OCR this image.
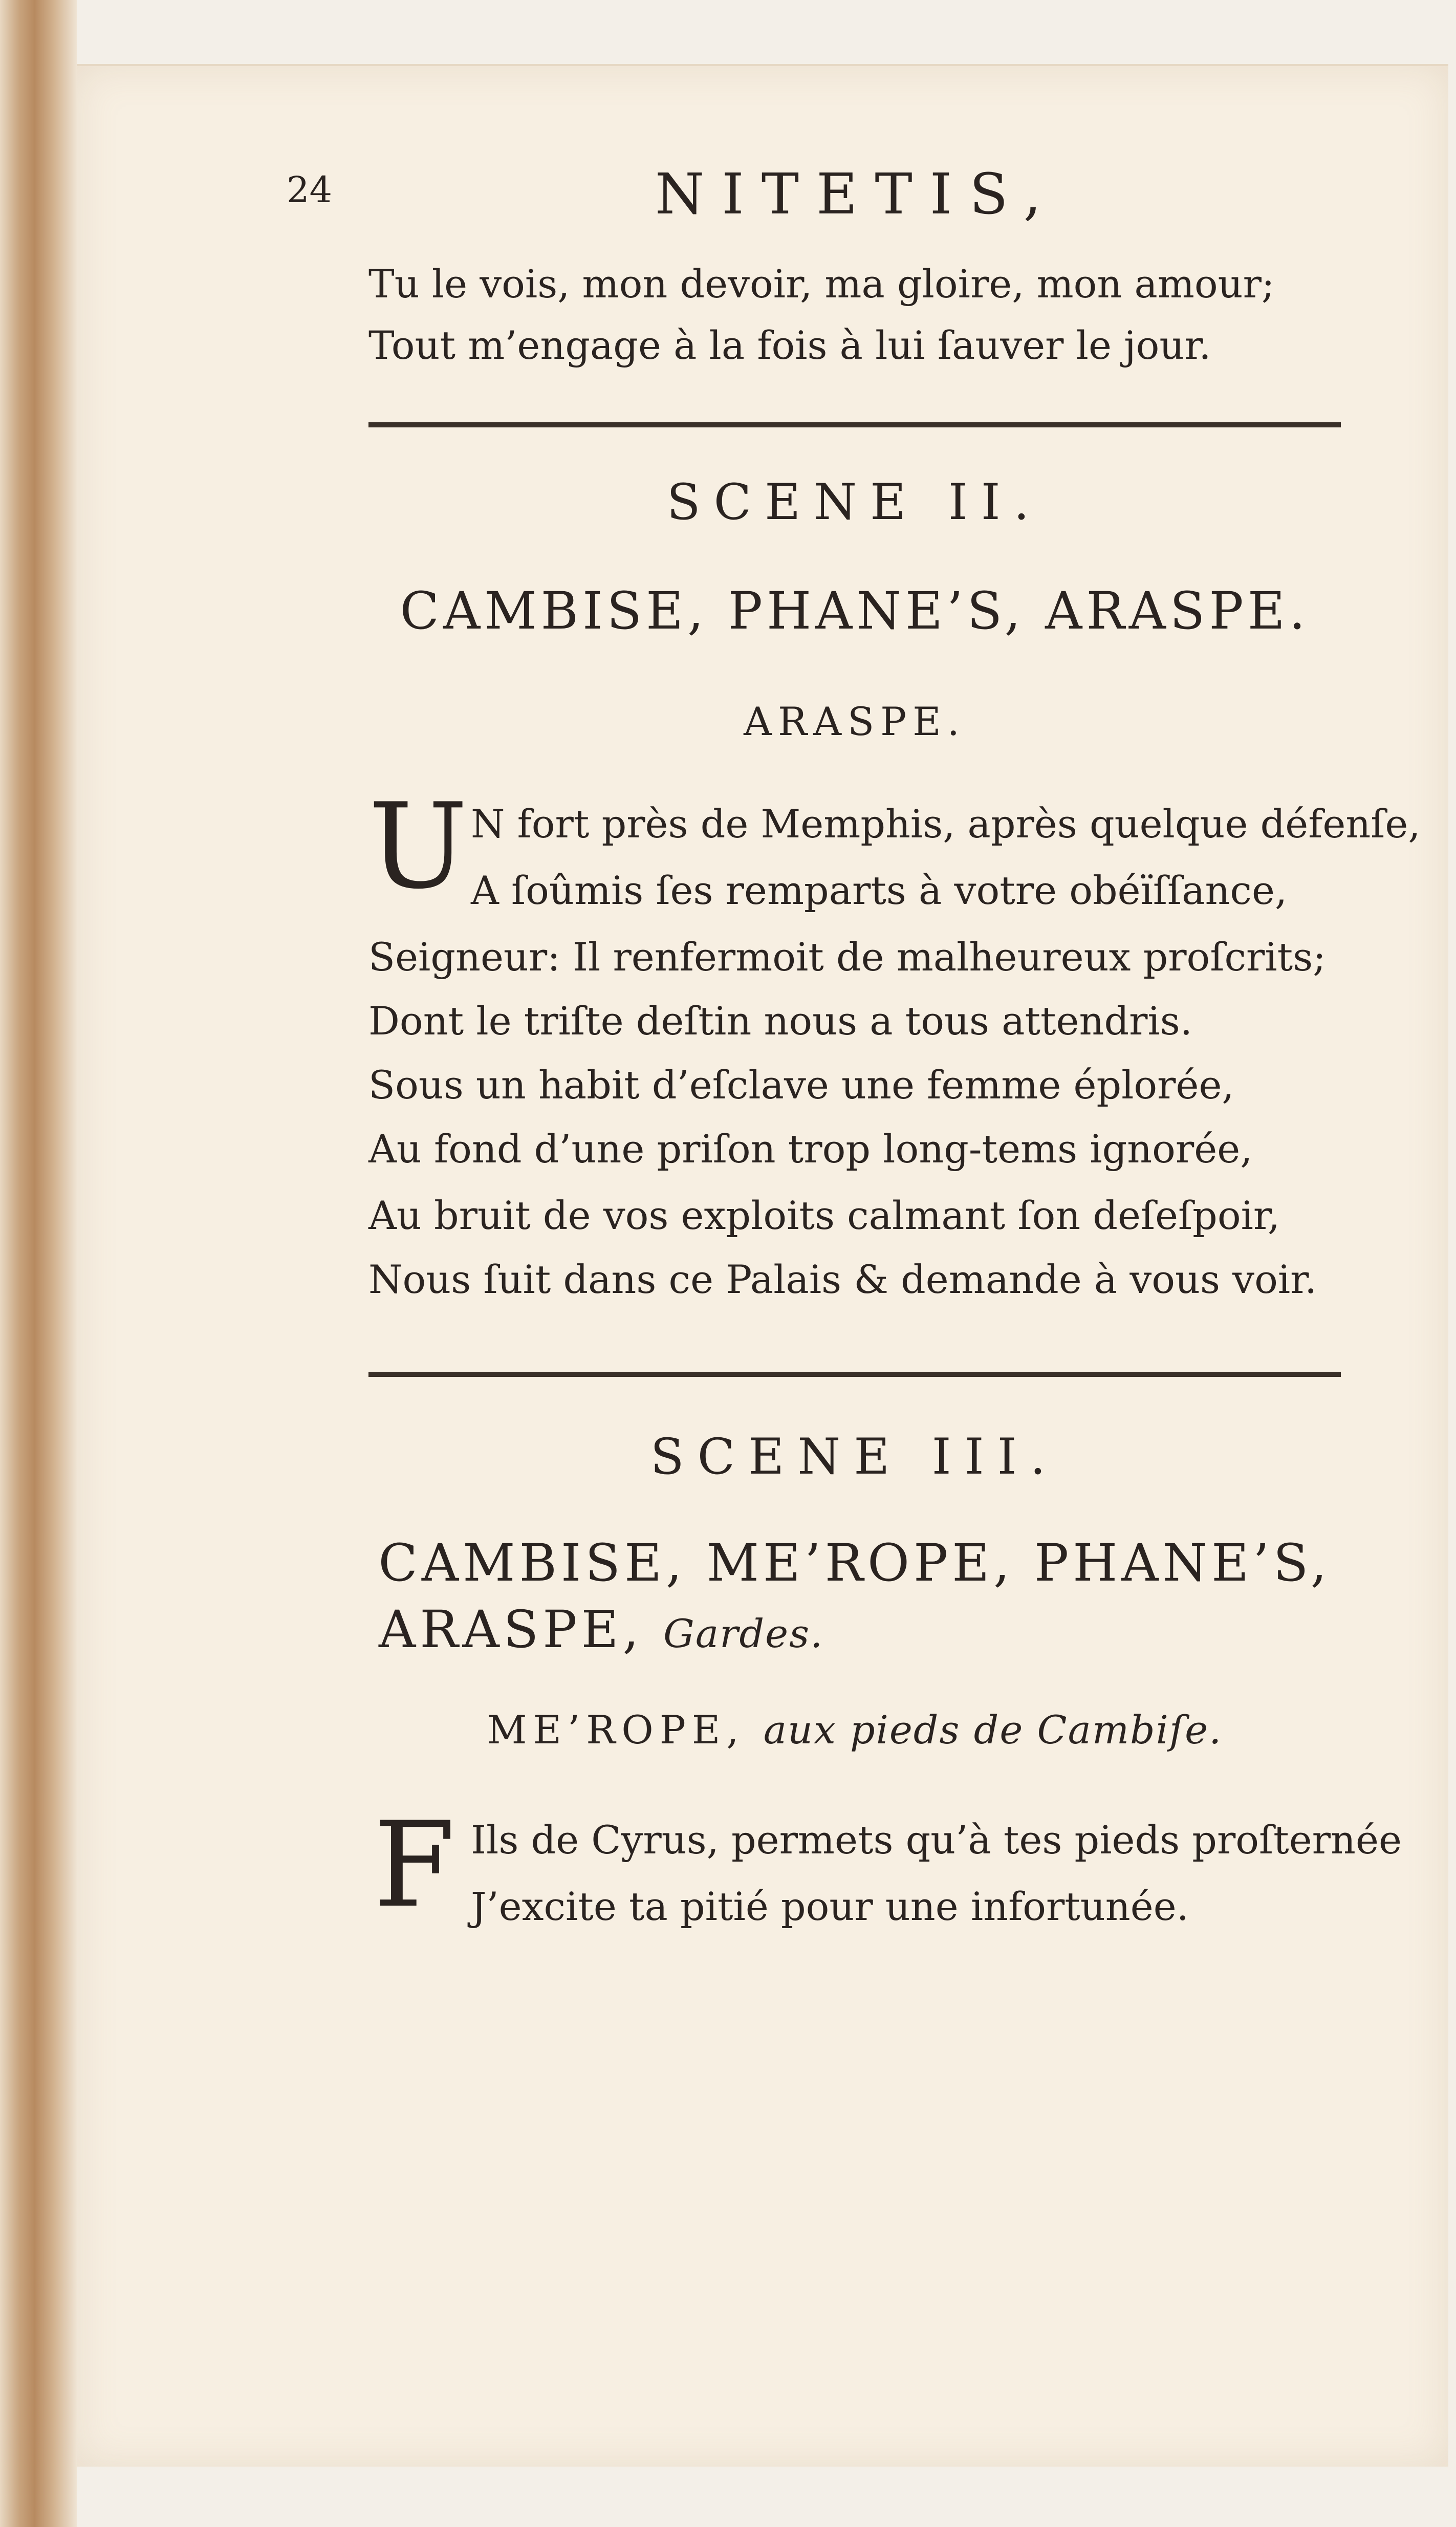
24	NITETIS,
Tu le vois, mon devoir, ma gloire, mon amour;
Tout m’engage à la fois à lui ſauver le jour.
SCENE II.
CAMBISE, PHANE’S, ARASPE.
ARASPE.
U N fort près de Memphis, après quelque défenſe,
A ſoûmis ſes remparts à votre obéïſſance,
Seigneur: Il renfermoit de malheureux proſcrits;
Dont le triſte deſtin nous a tous attendris.
Sous un habit d’eſclave une femme éplorée,
Au fond d’une priſon trop long-tems ignorée,
Au bruit de vos exploits calmant ſon deſeſpoir,
Nous ſuit dans ce Palais & demande à vous voir.
SCENE III.
CAMBISE, ME’ROPE, PHANE’S,
ARASPE, Gardes.
ME’ROPE, aux pieds de Cambiſe.
F Ils de Cyrus, permets qu’à tes pieds proſternée
J’excite ta pitié pour une infortunée.
